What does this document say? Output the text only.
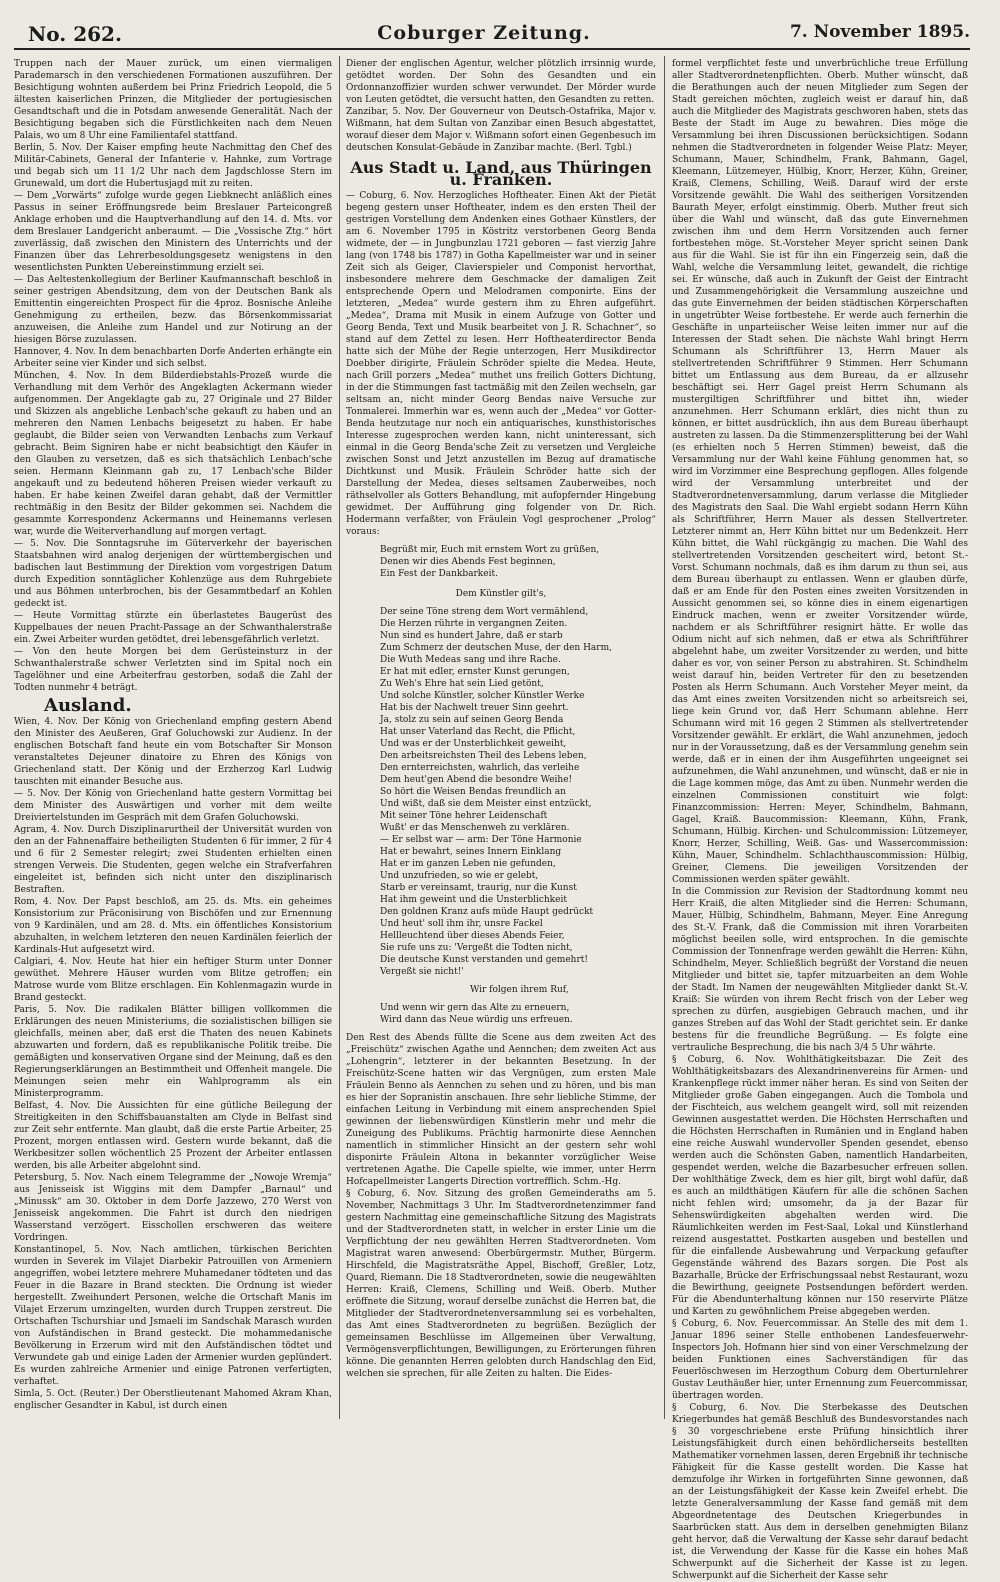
No. 262.	Coburger Zeitung.	7. November 1895.

Truppen nach der Mauer zurück, um einen viermaligen Parademarsch in den verschiedenen Formationen auszuführen. Der Besichtigung wohnten außerdem bei Prinz Friedrich Leopold, die 5 ältesten kaiserlichen Prinzen, die Mitglieder der portugiesischen Gesandtschaft und die in Potsdam anwesende Generalität. Nach der Besichtigung begaben sich die Fürstlichkeiten nach dem Neuen Palais, wo um 8 Uhr eine Familientafel stattfand.

Berlin, 5. Nov. Der Kaiser empfing heute Nachmittag den Chef des Militär-Cabinets, General der Infanterie v. Hahnke, zum Vortrage und begab sich um 11 1/2 Uhr nach dem Jagdschlosse Stern im Grunewald, um dort die Hubertusjagd mit zu reiten.

— Dem „Vorwärts“ zufolge wurde gegen Liebknecht anläßlich eines Passus in seiner Eröffnungsrede beim Breslauer Parteicongreß Anklage erhoben und die Hauptverhandlung auf den 14. d. Mts. vor dem Breslauer Landgericht anberaumt. — Die „Vossische Ztg.“ hört zuverlässig, daß zwischen den Ministern des Unterrichts und der Finanzen über das Lehrerbesoldungsgesetz wenigstens in den wesentlichsten Punkten Uebereinstimmung erzielt sei.

— Das Aeltestenkollegium der Berliner Kaufmannschaft beschloß in seiner gestrigen Abendsitzung, dem von der Deutschen Bank als Emittentin eingereichten Prospect für die 4proz. Bosnische Anleihe Genehmigung zu ertheilen, bezw. das Börsenkommissariat anzuweisen, die Anleihe zum Handel und zur Notirung an der hiesigen Börse zuzulassen.

Hannover, 4. Nov. In dem benachbarten Dorfe Anderten erhängte ein Arbeiter seine vier Kinder und sich selbst.

München, 4. Nov. In dem Bilderdiebstahls-Prozeß wurde die Verhandlung mit dem Verhör des Angeklagten Ackermann wieder aufgenommen. Der Angeklagte gab zu, 27 Originale und 27 Bilder und Skizzen als angebliche Lenbach'sche gekauft zu haben und an mehreren den Namen Lenbachs beigesetzt zu haben. Er habe geglaubt, die Bilder seien von Verwandten Lenbachs zum Verkauf gebracht. Beim Signiren habe er nicht beabsichtigt den Käufer in den Glauben zu versetzen, daß es sich thatsächlich Lenbach'sche seien. Hermann Kleinmann gab zu, 17 Lenbach'sche Bilder angekauft und zu bedeutend höheren Preisen wieder verkauft zu haben. Er habe keinen Zweifel daran gehabt, daß der Vermittler rechtmäßig in den Besitz der Bilder gekommen sei. Nachdem die gesammte Korrespondenz Ackermanns und Heinemanns verlesen war, wurde die Weiterverhandlung auf morgen vertagt.

— 5. Nov. Die Sonntagsruhe im Güterverkehr der bayerischen Staatsbahnen wird analog derjenigen der württembergischen und badischen laut Bestimmung der Direktion vom vorgestrigen Datum durch Expedition sonntäglicher Kohlenzüge aus dem Ruhrgebiete und aus Böhmen unterbrochen, bis der Gesammtbedarf an Kohlen gedeckt ist.

— Heute Vormittag stürzte ein überlastetes Baugerüst des Kuppelbaues der neuen Pracht-Passage an der Schwanthalerstraße ein. Zwei Arbeiter wurden getödtet, drei lebensgefährlich verletzt.

— Von den heute Morgen bei dem Gerüsteinsturz in der Schwanthalerstraße schwer Verletzten sind im Spital noch ein Tagelöhner und eine Arbeiterfrau gestorben, sodaß die Zahl der Todten nunmehr 4 beträgt.

Ausland.

Wien, 4. Nov. Der König von Griechenland empfing gestern Abend den Minister des Aeußeren, Graf Goluchowski zur Audienz. In der englischen Botschaft fand heute ein vom Botschafter Sir Monson veranstaltetes Dejeuner dinatoire zu Ehren des Königs von Griechenland statt. Der König und der Erzherzog Karl Ludwig tauschten mit einander Besuche aus.

— 5. Nov. Der König von Griechenland hatte gestern Vormittag bei dem Minister des Auswärtigen und vorher mit dem weilte Dreiviertelstunden im Gespräch mit dem Grafen Goluchowski.

Agram, 4. Nov. Durch Disziplinarurtheil der Universität wurden von den an der Fahnenaffaire betheiligten Studenten 6 für immer, 2 für 4 und 6 für 2 Semester relegirt; zwei Studenten erhielten einen strengen Verweis. Die Studenten, gegen welche ein Strafverfahren eingeleitet ist, befinden sich nicht unter den disziplinarisch Bestraften.

Rom, 4. Nov. Der Papst beschloß, am 25. ds. Mts. ein geheimes Konsistorium zur Präconisirung von Bischöfen und zur Ernennung von 9 Kardinälen, und am 28. d. Mts. ein öffentliches Konsistorium abzuhalten, in welchem letzteren den neuen Kardinälen feierlich der Kardinals-Hut aufgesetzt wird.

Calgiari, 4. Nov. Heute hat hier ein heftiger Sturm unter Donner gewüthet. Mehrere Häuser wurden vom Blitze getroffen; ein Matrose wurde vom Blitze erschlagen. Ein Kohlenmagazin wurde in Brand gesteckt.

Paris, 5. Nov. Die radikalen Blätter billigen vollkommen die Erklärungen des neuen Ministeriums, die sozialistischen billigen sie gleichfalls, meinen aber, daß erst die Thaten des neuen Kabinets abzuwarten und fordern, daß es republikanische Politik treibe. Die gemäßigten und konservativen Organe sind der Meinung, daß es den Regierungserklärungen an Bestimmtheit und Offenheit mangele. Die Meinungen seien mehr ein Wahlprogramm als ein Ministerprogramm.

Belfast, 4. Nov. Die Aussichten für eine gütliche Beilegung der Streitigkeiten in den Schiffsbauanstalten am Clyde in Belfast sind zur Zeit sehr entfernte. Man glaubt, daß die erste Partie Arbeiter, 25 Prozent, morgen entlassen wird. Gestern wurde bekannt, daß die Werkbesitzer sollen wöchentlich 25 Prozent der Arbeiter entlassen werden, bis alle Arbeiter abgelohnt sind.

Petersburg, 5. Nov. Nach einem Telegramme der „Nowoje Wremja“ aus Jenisseisk ist Wiggins mit dem Dampfer „Barnaul“ und „Minussk“ am 30. Oktober in dem Dorfe Jazzewo, 270 Werst von Jenisseisk angekommen. Die Fahrt ist durch den niedrigen Wasserstand verzögert. Eisschollen erschweren das weitere Vordringen.

Konstantinopel, 5. Nov. Nach amtlichen, türkischen Berichten wurden in Severek im Vilajet Diarbekir Patrouillen von Armeniern angegriffen, wobei letztere mehrere Muhamedaner tödteten und das Feuer in die Bazare in Brand steckten. Die Ordnung ist wieder hergestellt. Zweihundert Personen, welche die Ortschaft Manis im Vilajet Erzerum umzingelten, wurden durch Truppen zerstreut. Die Ortschaften Tschurshiar und Jsmaeli im Sandschak Marasch wurden von Aufständischen in Brand gesteckt. Die mohammedanische Bevölkerung in Erzerum wird mit den Aufständischen tödtet und Verwundete gab und einige Laden der Armenier wurden geplündert. Es wurden zahlreiche Armenier und einige Patronen verfertigten, verhaftet.

Simla, 5. Oct. (Reuter.) Der Oberstlieutenant Mahomed Akram Khan, englischer Gesandter in Kabul, ist durch einen

Diener der englischen Agentur, welcher plötzlich irrsinnig wurde, getödtet worden. Der Sohn des Gesandten und ein Ordonnanzoffizier wurden schwer verwundet. Der Mörder wurde von Leuten getödtet, die versucht hatten, den Gesandten zu retten.

Zanzibar, 5. Nov. Der Gouverneur von Deutsch-Ostafrika, Major v. Wißmann, hat dem Sultan von Zanzibar einen Besuch abgestattet, worauf dieser dem Major v. Wißmann sofort einen Gegenbesuch im deutschen Konsulat-Gebäude in Zanzibar machte. (Berl. Tgbl.)

Aus Stadt u. Land, aus Thüringen u. Franken.

— Coburg, 6. Nov. Herzogliches Hoftheater. Einen Akt der Pietät begeng gestern unser Hoftheater, indem es den ersten Theil der gestrigen Vorstellung dem Andenken eines Gothaer Künstlers, der am 6. November 1795 in Köstritz verstorbenen Georg Benda widmete, der — in Jungbunzlau 1721 geboren — fast vierzig Jahre lang (von 1748 bis 1787) in Gotha Kapellmeister war und in seiner Zeit sich als Geiger, Clavierspieler und Componist hervorthat, insbesondere mehrere dem Geschmacke der damaligen Zeit entsprechende Opern und Melodramen componirte. Eins der letzteren, „Medea“ wurde gestern ihm zu Ehren aufgeführt. „Medea“, Drama mit Musik in einem Aufzuge von Gotter und Georg Benda, Text und Musik bearbeitet von J. R. Schachner“, so stand auf dem Zettel zu lesen. Herr Hoftheaterdirector Benda hatte sich der Mühe der Regie unterzogen, Herr Musikdirector Doebber dirigirte, Fräulein Schröder spielte die Medea. Heute, nach Grill porzers „Medea“ muthet uns freilich Gotters Dichtung, in der die Stimmungen fast tactmäßig mit den Zeilen wechseln, gar seltsam an, nicht minder Georg Bendas naive Versuche zur Tonmalerei. Immerhin war es, wenn auch der „Medea“ vor Gotter-Benda heutzutage nur noch ein antiquarisches, kunsthistorisches Interesse zugesprochen werden kann, nicht uninteressant, sich einmal in die Georg Benda'sche Zeit zu versetzen und Vergleiche zwischen Sonst und Jetzt anzustellen im Bezug auf dramatische Dichtkunst und Musik. Fräulein Schröder hatte sich der Darstellung der Medea, dieses seltsamen Zauberweibes, noch räthselvoller als Gotters Behandlung, mit aufopfernder Hingebung gewidmet. Der Aufführung ging folgender von Dr. Rich. Hodermann verfaßter, von Fräulein Vogl gesprochener „Prolog“ voraus:

Begrüßt mir, Euch mit ernstem Wort zu grüßen,
Denen wir dies Abends Fest beginnen,
Ein Fest der Dankbarkeit.
Dem Künstler gilt's,
Der seine Töne streng dem Wort vermählend,
Die Herzen rührte in vergangnen Zeiten.
Nun sind es hundert Jahre, daß er starb
Zum Schmerz der deutschen Muse, der den Harm,
Die Wuth Medeas sang und ihre Rache.
Er hat mit edler, ernster Kunst gerungen,
Zu Weh's Ehre hat sein Lied getönt,
Und solche Künstler, solcher Künstler Werke
Hat bis der Nachwelt treuer Sinn geehrt.
Ja, stolz zu sein auf seinen Georg Benda
Hat unser Vaterland das Recht, die Pflicht,
Und was er der Unsterblichkeit geweiht,
Den arbeitsreichsten Theil des Lebens leben,
Den ernterreichsten, wahrlich, das verleihe
Dem heut'gen Abend die besondre Weihe!
So hört die Weisen Bendas freundlich an
Und wißt, daß sie dem Meister einst entzückt,
Mit seiner Töne hehrer Leidenschaft
Wußt' er das Menschenweh zu verklären.
— Er selbst war — arm: Der Töne Harmonie
Hat er bewahrt, seines Innern Einklang
Hat er im ganzen Leben nie gefunden,
Und unzufrieden, so wie er gelebt,
Starb er vereinsamt, traurig, nur die Kunst
Hat ihm geweint und die Unsterblichkeit
Den goldnen Kranz aufs müde Haupt gedrückt
Und heut' soll ihm ihr, unsre Fackel
Hellleuchtend über dieses Abends Feier,
Sie rufe uns zu: 'Vergeßt die Todten nicht,
Die deutsche Kunst verstanden und gemehrt!
Vergeßt sie nicht!'
Wir folgen ihrem Ruf,
Und wenn wir gern das Alte zu erneuern,
Wird dann das Neue würdig uns erfreuen.

Den Rest des Abends füllte die Scene aus dem zweiten Act des „Freischütz“ zwischen Agathe und Aennchen; dem zweiten Act aus „Lohengrin“, letzterer in der bekannten Besetzung. In der Freischütz-Scene hatten wir das Vergnügen, zum ersten Male Fräulein Benno als Aennchen zu sehen und zu hören, und bis man es hier der Sopranistin anschauen. Ihre sehr liebliche Stimme, der einfachen Leitung in Verbindung mit einem ansprechenden Spiel gewinnen der liebenswürdigen Künstlerin mehr und mehr die Zuneigung des Publikums. Prächtig harmonirte diese Aennchen namentlich in stimmlicher Hinsicht an der gestern sehr wohl disponirte Fräulein Altona in bekannter vorzüglicher Weise vertretenen Agathe. Die Capelle spielte, wie immer, unter Herrn Hofcapellmeister Langerts Direction vortrefflich. Schm.-Hg.

§ Coburg, 6. Nov. Sitzung des großen Gemeinderaths am 5. November, Nachmittags 3 Uhr. Im Stadtverordnetenzimmer fand gestern Nachmittag eine gemeinschaftliche Sitzung des Magistrats und der Stadtverordneten statt, in welcher in erster Linie um die Verpflichtung der neu gewählten Herren Stadtverordneten. Vom Magistrat waren anwesend: Oberbürgermstr. Muther, Bürgerm. Hirschfeld, die Magistratsräthe Appel, Bischoff, Greßler, Lotz, Quard, Riemann. Die 18 Stadtverordneten, sowie die neugewählten Herren: Kraiß, Clemens, Schilling und Weiß. Oberb. Muther eröffnete die Sitzung, worauf derselbe zunächst die Herren bat, die Mitglieder der Stadtverordnetenversammlung sei es vorbehalten, das Amt eines Stadtverordneten zu begrüßen. Bezüglich der gemeinsamen Beschlüsse im Allgemeinen über Verwaltung, Vermögensverpflichtungen, Bewilligungen, zu Erörterungen führen könne. Die genannten Herren gelobten durch Handschlag den Eid, welchen sie sprechen, für alle Zeiten zu halten. Die Eides-

formel verpflichtet feste und unverbrüchliche treue Erfüllung aller Stadtverordnetenpflichten. Oberb. Muther wünscht, daß die Berathungen auch der neuen Mitglieder zum Segen der Stadt gereichen möchten, zugleich weist er darauf hin, daß auch die Mitglieder des Magistrats geschworen haben, stets das Beste der Stadt im Auge zu bewahren. Dies möge die Versammlung bei ihren Discussionen berücksichtigen. Sodann nehmen die Stadtverordneten in folgender Weise Platz: Meyer, Schumann, Mauer, Schindhelm, Frank, Bahmann, Gagel, Kleemann, Lützemeyer, Hülbig, Knorr, Herzer, Kühn, Greiner, Kraiß, Clemens, Schilling, Weiß. Darauf wird der erste Vorsitzende gewählt. Die Wahl des seitherigen Vorsitzenden Baurath Meyer, erfolgt einstimmig. Oberb. Muther freut sich über die Wahl und wünscht, daß das gute Einvernehmen zwischen ihm und dem Herrn Vorsitzenden auch ferner fortbestehen möge. St.-Vorsteher Meyer spricht seinen Dank aus für die Wahl. Sie ist für ihn ein Fingerzeig sein, daß die Wahl, welche die Versammlung leitet, gewandelt, die richtige sei. Er wünsche, daß auch in Zukunft der Geist der Eintracht und Zusammengehörigkeit die Versammlung auszeichne und das gute Einvernehmen der beiden städtischen Körperschaften in ungetrübter Weise fortbestehe. Er werde auch fernerhin die Geschäfte in unparteiischer Weise leiten immer nur auf die Interessen der Stadt sehen. Die nächste Wahl bringt Herrn Schumann als Schriftführer 13, Herrn Mauer als stellvertretenden Schriftführer 9 Stimmen. Herr Schumann bittet um Entlassung aus dem Bureau, da er allzusehr beschäftigt sei. Herr Gagel preist Herrn Schumann als mustergiltigen Schriftführer und bittet ihn, wieder anzunehmen. Herr Schumann erklärt, dies nicht thun zu können, er bittet ausdrücklich, ihn aus dem Bureau überhaupt austreten zu lassen. Da die Stimmenzersplitterung bei der Wahl (es erhielten noch 5 Herren Stimmen) beweist, daß die Versammlung nur der Wahl keine Fühlung genommen hat, so wird im Vorzimmer eine Besprechung gepflogen. Alles folgende wird der Versammlung unterbreitet und der Stadtverordnetenversammlung, darum verlasse die Mitglieder des Magistrats den Saal. Die Wahl ergiebt sodann Herrn Kühn als Schriftführer, Herrn Mauer als dessen Stellvertreter. Letzterer nimmt an, Herr Kühn bittet nur um Bedenkzeit. Herr Kühn bittet, die Wahl rückgängig zu machen. Die Wahl des stellvertretenden Vorsitzenden gescheitert wird, betont St.-Vorst. Schumann nochmals, daß es ihm darum zu thun sei, aus dem Bureau überhaupt zu entlassen. Wenn er glauben dürfe, daß er am Ende für den Posten eines zweiten Vorsitzenden in Aussicht genommen sei, so könne dies in einem eigenartigen Eindruck machen, wenn er zweiter Vorsitzender würde, nachdem er als Schriftführer resignirt hätte. Er wolle das Odium nicht auf sich nehmen, daß er etwa als Schriftführer abgelehnt habe, um zweiter Vorsitzender zu werden, und bitte daher es vor, von seiner Person zu abstrahiren. St. Schindhelm weist darauf hin, beiden Vertreter für den zu besetzenden Posten als Herrn Schumann. Auch Vorsteher Meyer meint, da das Amt eines zweiten Vorsitzenden nicht so arbeitsreich sei, liege kein Grund vor, daß Herr Schumann ablehne. Herr Schumann wird mit 16 gegen 2 Stimmen als stellvertretender Vorsitzender gewählt. Er erklärt, die Wahl anzunehmen, jedoch nur in der Voraussetzung, daß es der Versammlung genehm sein werde, daß er in einen der ihm Ausgeführten ungeeignet sei aufzunehmen, die Wahl anzunehmen, und wünscht, daß er nie in die Lage kommen möge, das Amt zu üben. Nunmehr werden die einzelnen Commissionen constituirt wie folgt: Finanzcommission: Herren: Meyer, Schindhelm, Bahmann, Gagel, Kraiß. Baucommission: Kleemann, Kühn, Frank, Schumann, Hülbig. Kirchen- und Schulcommission: Lützemeyer, Knorr, Herzer, Schilling, Weiß. Gas- und Wassercommission: Kühn, Mauer, Schindhelm. Schlachthauscommission: Hülbig, Greiner, Clemens. Die jeweiligen Vorsitzenden der Commissionen werden später gewählt.

In die Commission zur Revision der Stadtordnung kommt neu Herr Kraiß, die alten Mitglieder sind die Herren: Schumann, Mauer, Hülbig, Schindhelm, Bahmann, Meyer. Eine Anregung des St.-V. Frank, daß die Commission mit ihren Vorarbeiten möglichst beeilen solle, wird entsprochen. In die gemischte Commission der Tonnenfrage werden gewählt die Herren: Kühn, Schindhelm, Meyer. Schließlich begrüßt der Vorstand die neuen Mitglieder und bittet sie, tapfer mitzuarbeiten an dem Wohle der Stadt. Im Namen der neugewählten Mitglieder dankt St.-V. Kraiß: Sie würden von ihrem Recht frisch von der Leber weg sprechen zu dürfen, ausgiebigen Gebrauch machen, und ihr ganzes Streben auf das Wohl der Stadt gerichtet sein. Er danke bestens für die freundliche Begrüßung. — Es folgte eine vertrauliche Besprechung, die bis nach 3/4 5 Uhr währte.

§ Coburg, 6. Nov. Wohlthätigkeitsbazar. Die Zeit des Wohlthätigkeitsbazars des Alexandrinenvereins für Armen- und Krankenpflege rückt immer näher heran. Es sind von Seiten der Mitglieder große Gaben eingegangen. Auch die Tombola und der Fischteich, aus welchem geangelt wird, soll mit reizenden Gewinnen ausgestattet werden. Die Höchsten Herrschaften und die Höchsten Herrschaften in Rumänien und in England haben eine reiche Auswahl wundervoller Spenden gesendet, ebenso werden auch die Schönsten Gaben, namentlich Handarbeiten, gespendet werden, welche die Bazarbesucher erfreuen sollen. Der wohlthätige Zweck, dem es hier gilt, birgt wohl dafür, daß es auch an mildthätigen Käufern für alle die schönen Sachen nicht fehlen wird; umsomehr, da ja der Bazar für Sehenswürdigkeiten abgehalten werden wird. Die Räumlichkeiten werden im Fest-Saal, Lokal und Künstlerhand reizend ausgestattet. Postkarten ausgeben und bestellen und für die einfallende Ausbewahrung und Verpackung gefaufter Gegenstände während des Bazars sorgen. Die Post als Bazarhalle, Brücke der Erfrischungssaal nebst Restaurant, wozu die Bewirthung, geeignete Postsendungen befördert werden. Für die Abendunterhaltung können nur 150 reservirte Plätze und Karten zu gewöhnlichem Preise abgegeben werden.

§ Coburg, 6. Nov. Feuercommissar. An Stelle des mit dem 1. Januar 1896 seiner Stelle enthobenen Landesfeuerwehr-Inspectors Joh. Hofmann hier sind von einer Verschmelzung der beiden Funktionen eines Sachverständigen für das Feuerlöschwesen im Herzogthum Coburg dem Oberturnlehrer Gustav Leuthäußer hier, unter Ernennung zum Feuercommissar, übertragen worden.

§ Coburg, 6. Nov. Die Sterbekasse des Deutschen Kriegerbundes hat gemäß Beschluß des Bundesvorstandes nach § 30 vorgeschriebene erste Prüfung hinsichtlich ihrer Leistungsfähigkeit durch einen behördlicherseits bestellten Mathematiker vornehmen lassen, deren Ergebniß ihr technische Fähigkeit für die Kasse gestellt worden. Die Kasse hat demzufolge ihr Wirken in fortgeführten Sinne gewonnen, daß an der Leistungsfähigkeit der Kasse kein Zweifel erhebt. Die letzte Generalversammlung der Kasse fand gemäß mit dem Abgeordnetentage des Deutschen Kriegerbundes in Saarbrücken statt. Aus dem in derselben genehmigten Bilanz geht hervor, daß die Verwaltung der Kasse sehr darauf bedacht ist, die Verwendung der Kasse für die Kasse ein hohes Maß Schwerpunkt auf die Sicherheit der Kasse ist zu legen. Schwerpunkt auf die Sicherheit der Kasse sehr
